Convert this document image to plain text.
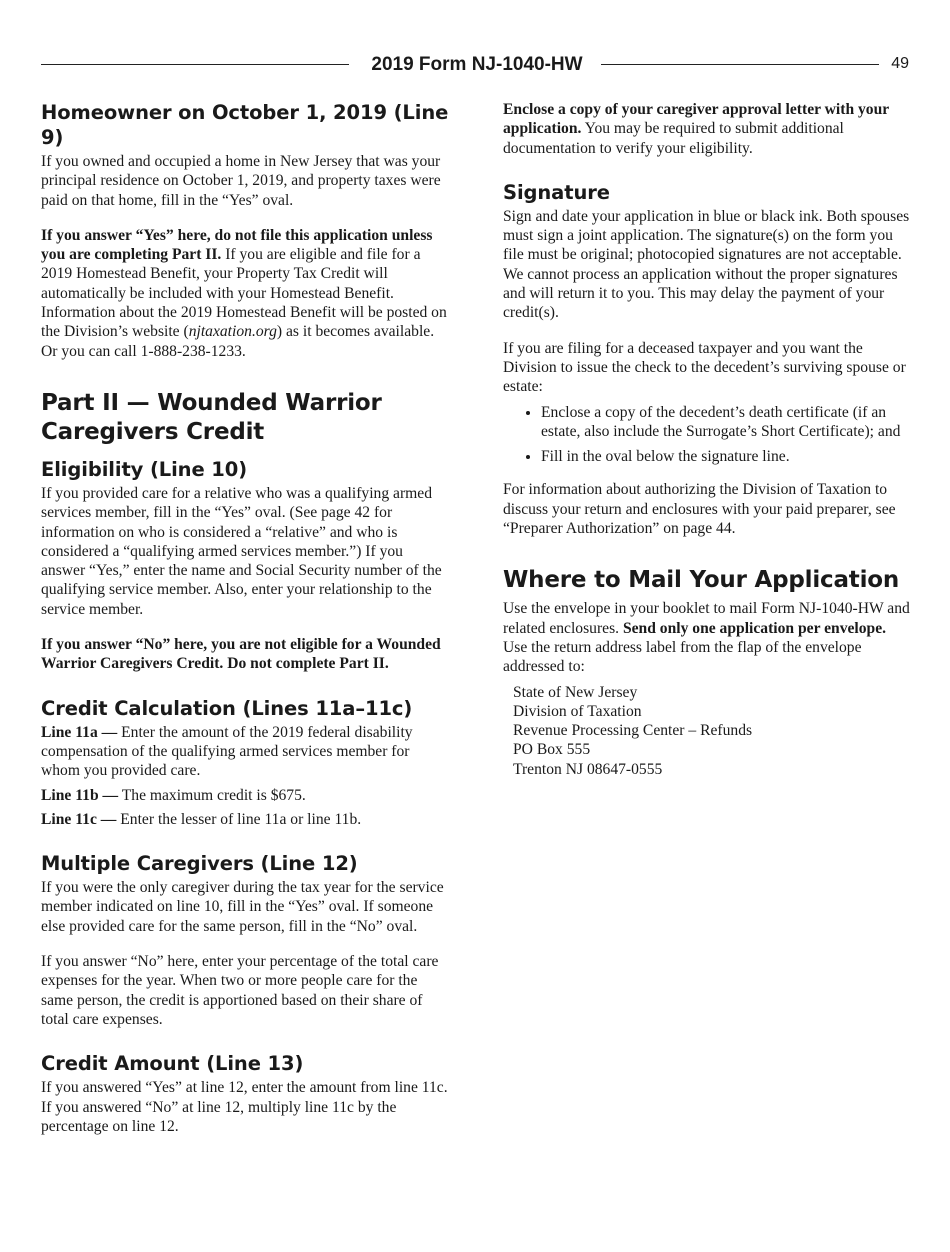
2019 Form NJ-1040-HW	49
Homeowner on October 1, 2019 (Line 9)

If you owned and occupied a home in New Jersey that was your principal residence on October 1, 2019, and property taxes were paid on that home, fill in the “Yes” oval.

If you answer “Yes” here, do not file this application unless you are completing Part II. If you are eligible and file for a 2019 Homestead Benefit, your Property Tax Credit will automatically be included with your Homestead Benefit. Information about the 2019 Homestead Benefit will be posted on the Division’s website (njtaxation.org) as it becomes available. Or you can call 1-888-238-1233.

Part II — Wounded Warrior
Caregivers Credit
Eligibility (Line 10)

If you provided care for a relative who was a qualifying armed services member, fill in the “Yes” oval. (See page 42 for information on who is considered a “relative” and who is considered a “qualifying armed services member.”) If you answer “Yes,” enter the name and Social Security number of the qualifying service member. Also, enter your relationship to the service member.

If you answer “No” here, you are not eligible for a Wounded Warrior Caregivers Credit. Do not complete Part II.

Credit Calculation (Lines 11a–11c)

Line 11a — Enter the amount of the 2019 federal disability compensation of the qualifying armed services member for whom you provided care.

Line 11b — The maximum credit is $675.

Line 11c — Enter the lesser of line 11a or line 11b.

Multiple Caregivers (Line 12)

If you were the only caregiver during the tax year for the service member indicated on line 10, fill in the “Yes” oval. If someone else provided care for the same person, fill in the “No” oval.

If you answer “No” here, enter your percentage of the total care expenses for the year. When two or more people care for the same person, the credit is apportioned based on their share of total care expenses.

Credit Amount (Line 13)

If you answered “Yes” at line 12, enter the amount from line 11c. If you answered “No” at line 12, multiply line 11c by the percentage on line 12.

Enclose a copy of your caregiver approval letter with your application. You may be required to submit additional documentation to verify your eligibility.

Signature

Sign and date your application in blue or black ink. Both spouses must sign a joint application. The signature(s) on the form you file must be original; photocopied signatures are not acceptable. We cannot process an application without the proper signatures and will return it to you. This may delay the payment of your credit(s).

If you are filing for a deceased taxpayer and you want the Division to issue the check to the decedent’s surviving spouse or estate:

• Enclose a copy of the decedent’s death certificate (if an estate, also include the Surrogate’s Short Certificate); and
• Fill in the oval below the signature line.

For information about authorizing the Division of Taxation to discuss your return and enclosures with your paid preparer, see “Preparer Authorization” on page 44.

Where to Mail Your Application

Use the envelope in your booklet to mail Form NJ-1040-HW and related enclosures. Send only one application per envelope. Use the return address label from the flap of the envelope addressed to:

State of New Jersey
Division of Taxation
Revenue Processing Center – Refunds
PO Box 555
Trenton NJ 08647-0555
